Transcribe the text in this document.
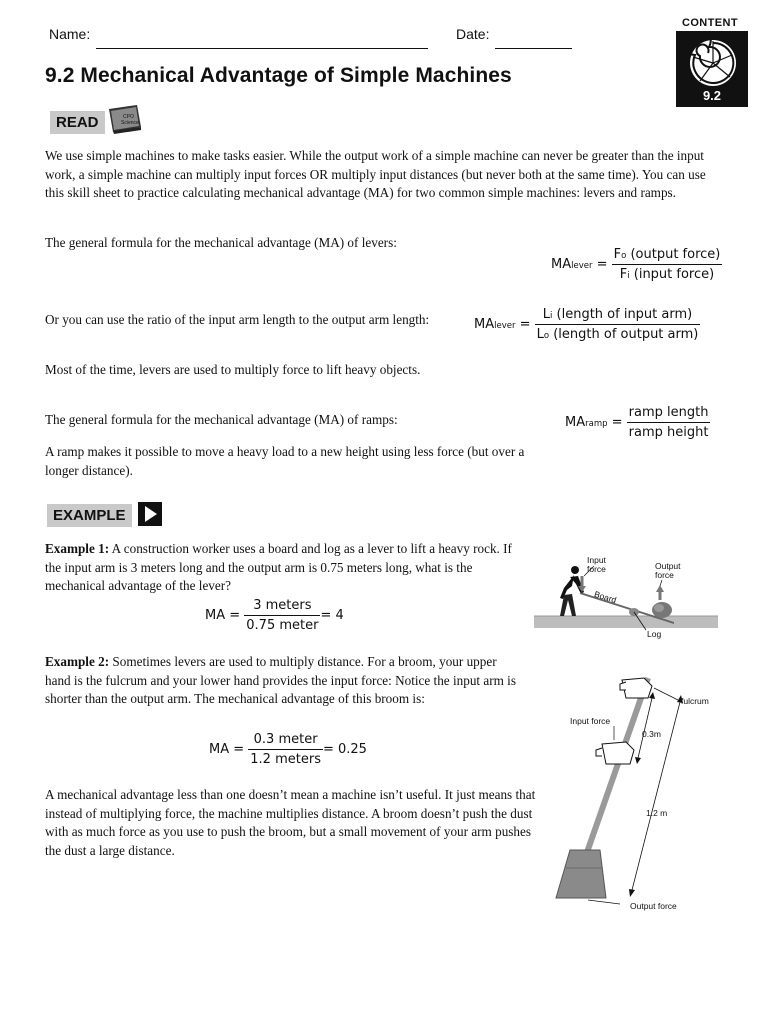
Name:	Date:
9.2 Mechanical Advantage of Simple Machines
CONTENT
9.2
READ	CPO
Science
We use simple machines to make tasks easier. While the output work of a simple machine can never be greater than the input work, a simple machine can multiply input forces OR multiply input distances (but never both at the same time). You can use this skill sheet to practice calculating mechanical advantage (MA) for two common simple machines: levers and ramps.
The general formula for the mechanical advantage (MA) of levers:
MAlever = $\frac{\text{Fo (output force)}}{\text{Fi (input force)}}$
Or you can use the ratio of the input arm length to the output arm length:	MAlever = $\frac{\text{Li (length of input arm)}}{\text{Lo (length of output arm)}}$
Most of the time, levers are used to multiply force to lift heavy objects.
The general formula for the mechanical advantage (MA) of ramps:	MAramp = $\frac{\text{ramp length}}{\text{ramp height}}$
A ramp makes it possible to move a heavy load to a new height using less force (but over a longer distance).
EXAMPLE
Example 1: A construction worker uses a board and log as a lever to lift a heavy rock. If the input arm is 3 meters long and the output arm is 0.75 meters long, what is the mechanical advantage of the lever?
MA = $\frac{\text{3 meters}}{\text{0.75 meter}} = 4$
Input
force	Output
force
Board
Log
Example 2: Sometimes levers are used to multiply distance. For a broom, your upper hand is the fulcrum and your lower hand provides the input force: Notice the input arm is shorter than the output arm. The mechanical advantage of this broom is:
MA = $\frac{\text{0.3 meter}}{\text{1.2 meters}} = 0.25$
fulcrum
Input force
0.3m
1.2 m
Output force
A mechanical advantage less than one doesn’t mean a machine isn’t useful. It just means that instead of multiplying force, the machine multiplies distance. A broom doesn’t push the dust with as much force as you use to push the broom, but a small movement of your arm pushes the dust a large distance.
